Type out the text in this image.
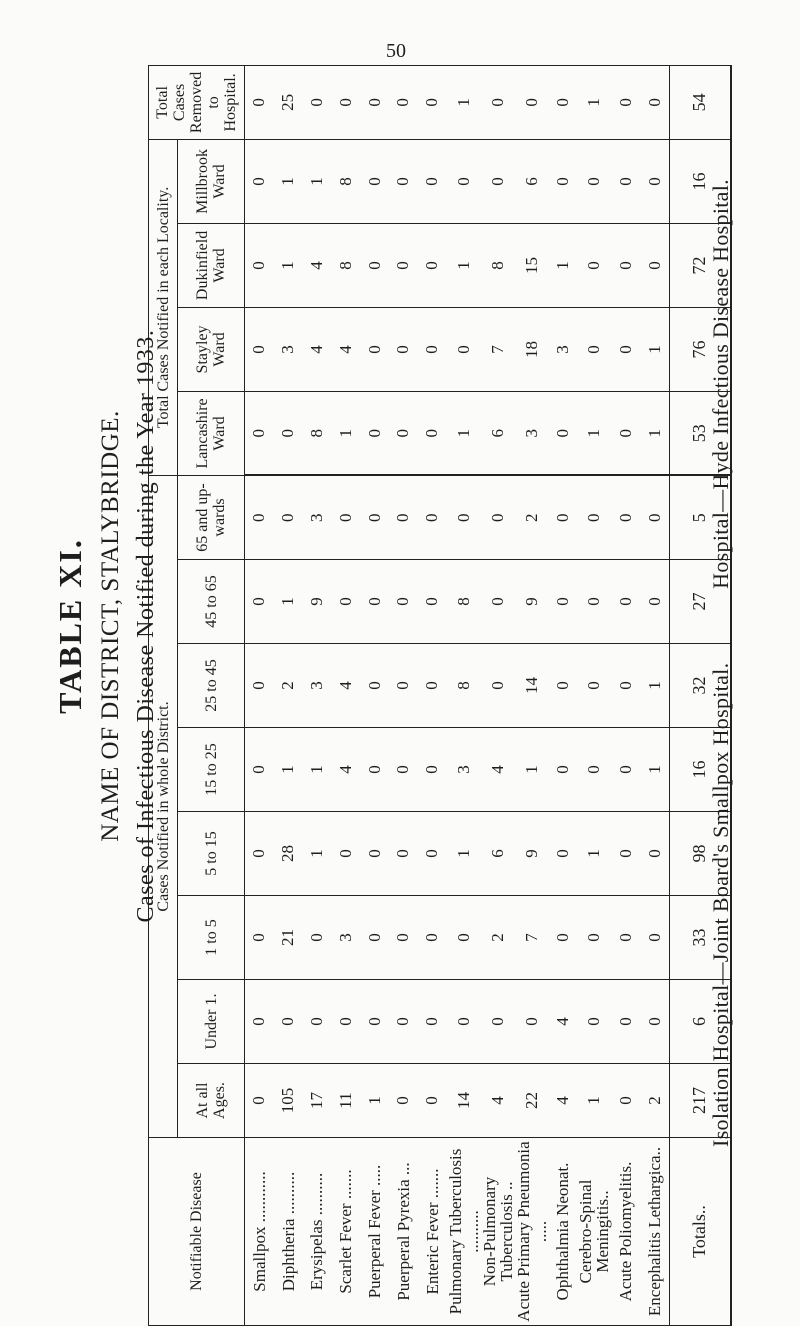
50
TABLE XI. NAME OF DISTRICT, STALYBRIDGE. Cases of Infectious Disease Notified during the Year 1933.
Notifiable Disease	Cases Notified in whole District.								Total Cases Notified in each Locality.				Total Cases Removed to Hospital.
	At all Ages.	Under 1.	1 to 5	5 to 15	15 to 25	25 to 45	45 to 65	65 and up-wards	Lancashire Ward	Stayley Ward	Dukinfield Ward	Millbrook Ward	
Smallpox ............	0	0	0	0	0	0	0	0	0	0	0	0	0
Diphtheria ..........	105	0	21	28	1	2	1	0	0	3	1	1	25
Erysipelas ..........	17	0	0	1	1	3	9	3	8	4	4	1	0
Scarlet Fever .......	11	0	3	0	4	4	0	0	1	4	8	8	0
Puerperal Fever .....	1	0	0	0	0	0	0	0	0	0	0	0	0
Puerperal Pyrexia ...	0	0	0	0	0	0	0	0	0	0	0	0	0
Enteric Fever .......	0	0	0	0	0	0	0	0	0	0	0	0	0
Pulmonary Tuberculosis ..........	14	0	0	1	3	8	8	0	1	0	1	0	1
Non-Pulmonary Tuberculosis ..	4	0	2	6	4	0	0	0	6	7	8	0	0
Acute Primary Pneumonia .....	22	0	7	9	1	14	9	2	3	18	15	6	0
Ophthalmia Neonat.	4	4	0	0	0	0	0	0	0	3	1	0	0
Cerebro-Spinal Meningitis..	1	0	0	1	0	0	0	0	1	0	0	0	1
Acute Poliomyelitis.	0	0	0	0	0	0	0	0	0	0	0	0	0
Encephalitis Lethargica..	2	0	0	0	1	1	0	0	1	1	0	0	0
Totals..	217	6	33	98	16	32	27	5	53	76	72	16	54
Isolation Hospital—Joint Board's Smallpox Hospital. Hospital—Hyde Infectious Disease Hospital.
